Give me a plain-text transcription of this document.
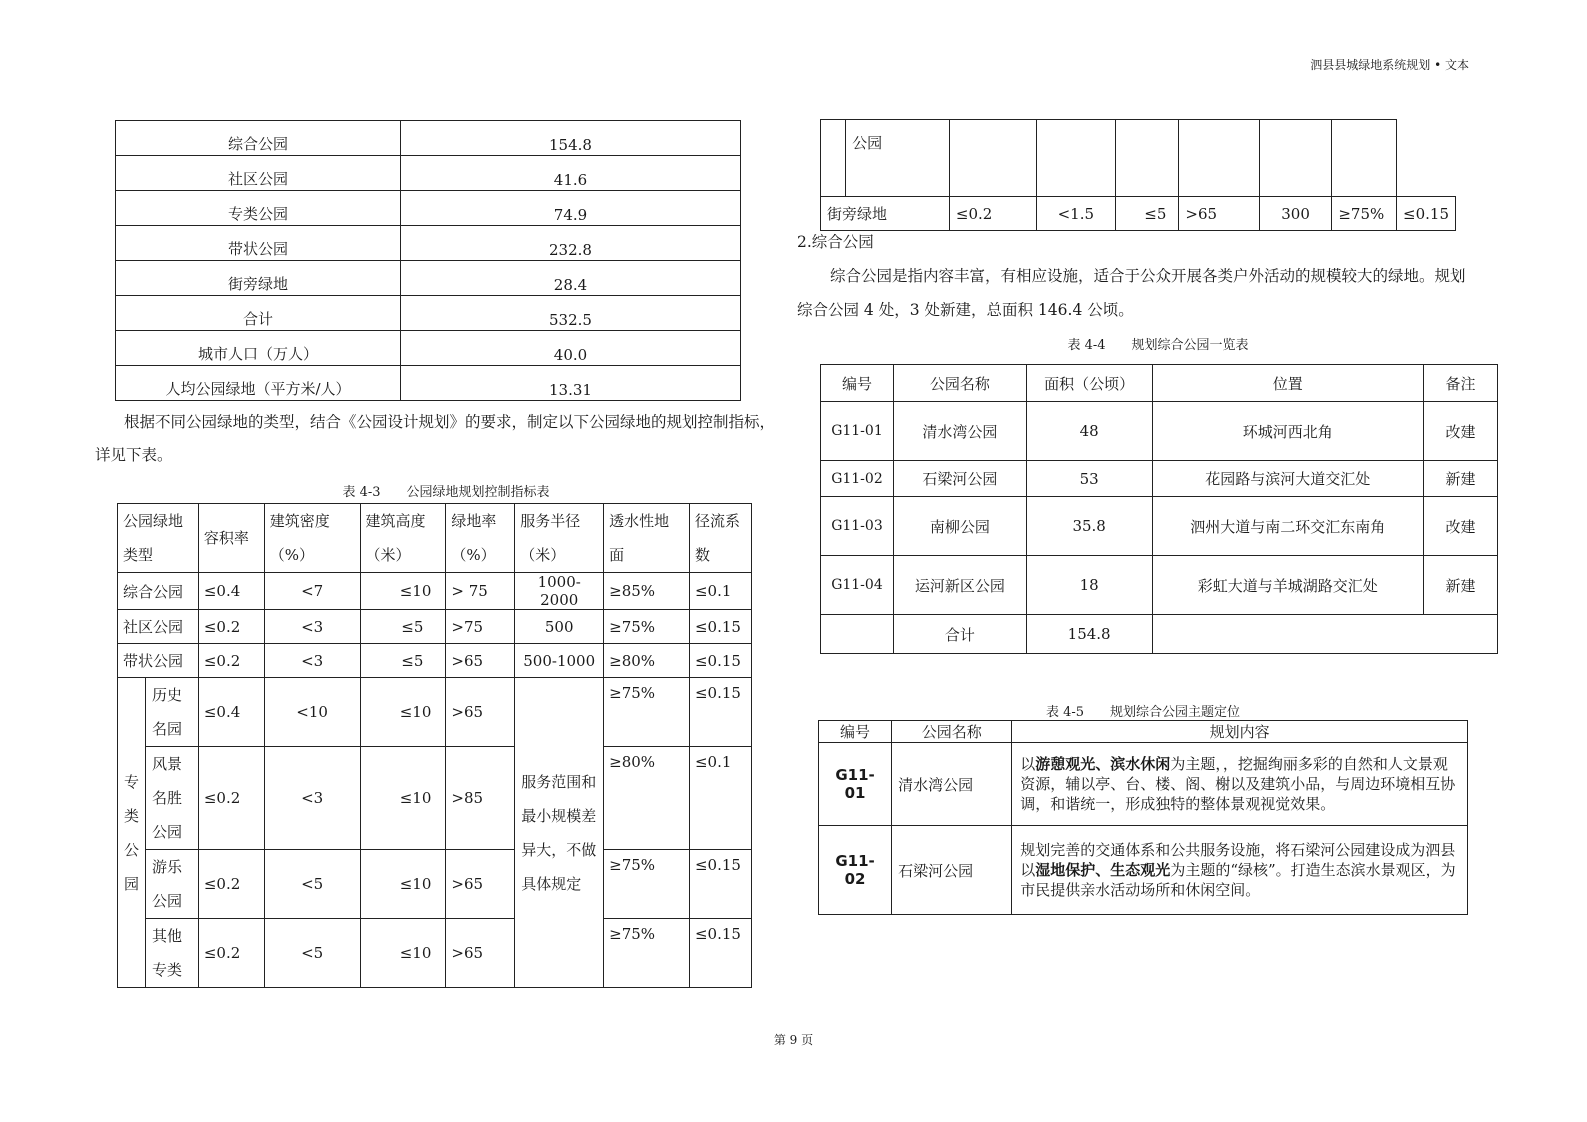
泗县县城绿地系统规划 • 文本
综合公园	154.8
社区公园	41.6
专类公园	74.9
带状公园	232.8
街旁绿地	28.4
合计	532.5
城市人口（万人）	40.0
人均公园绿地（平方米/人）	13.31
根据不同公园绿地的类型，结合《公园设计规划》的要求，制定以下公园绿地的规划控制指标，
详见下表。
表 4-3　　公园绿地规划控制指标表
公园绿地类型		容积率	建筑密度（%）	建筑高度（米）	绿地率（%）	服务半径（米）	透水性地面	径流系数
综合公园		≤0.4	<7	≤10	> 75	1000-2000	≥85%	≤0.1
社区公园		≤0.2	<3	≤5	>75	500	≥75%	≤0.15
带状公园		≤0.2	<3	≤5	>65	500-1000	≥80%	≤0.15
专类公园	历史名园	≤0.4	<10	≤10	>65	服务范围和最小规模差异大，不做具体规定	≥75%	≤0.15
	风景名胜公园	≤0.2	<3	≤10	>85		≥80%	≤0.1
	游乐公园	≤0.2	<5	≤10	>65		≥75%	≤0.15
	其他专类	≤0.2	<5	≤10	>65		≥75%	≤0.15
	公园							
街旁绿地		≤0.2	<1.5	≤5	>65	300	≥75%	≤0.15
2.综合公园
综合公园是指内容丰富，有相应设施，适合于公众开展各类户外活动的规模较大的绿地。规划
综合公园 4 处，3 处新建，总面积 146.4 公顷。
表 4-4　　规划综合公园一览表
编号	公园名称	面积（公顷）	位置	备注
G11-01	清水湾公园	48	环城河西北角	改建
G11-02	石梁河公园	53	花园路与滨河大道交汇处	新建
G11-03	南柳公园	35.8	泗州大道与南二环交汇东南角	改建
G11-04	运河新区公园	18	彩虹大道与羊城湖路交汇处	新建
	合计	154.8		
表 4-5　　规划综合公园主题定位
编号	公园名称	规划内容
G11-01	清水湾公园	以游憩观光、滨水休闲为主题，，挖掘绚丽多彩的自然和人文景观资源，辅以亭、台、楼、阁、榭以及建筑小品，与周边环境相互协调，和谐统一，形成独特的整体景观视觉效果。
G11-02	石梁河公园	规划完善的交通体系和公共服务设施，将石梁河公园建设成为泗县以湿地保护、生态观光为主题的“绿核”。打造生态滨水景观区，为市民提供亲水活动场所和休闲空间。
第 9 页
